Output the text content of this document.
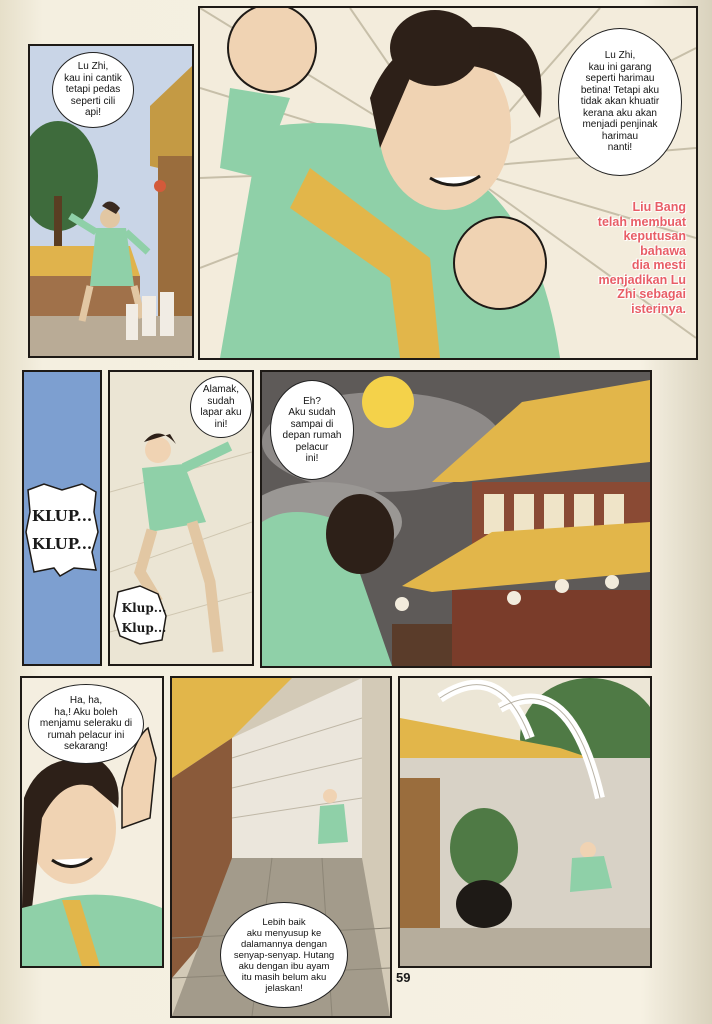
Lu Zhi,
kau ini cantik
tetapi pedas
seperti cili
api!
Lu Zhi,
kau ini garang
seperti harimau
betina! Tetapi aku
tidak akan khuatir
kerana aku akan
menjadi penjinak
harimau
nanti!
Liu Bang
telah membuat
keputusan
bahawa
dia mesti
menjadikan Lu
Zhi sebagai
isterinya.
KLUP...
KLUP...
Alamak,
sudah
lapar aku
ini!
Klup...
Klup...
Eh?
Aku sudah
sampai di
depan rumah
pelacur
ini!
Ha, ha,
ha,! Aku boleh
menjamu seleraku di
rumah pelacur ini
sekarang!
Lebih baik
aku menyusup ke
dalamannya dengan
senyap-senyap. Hutang
aku dengan ibu ayam
itu masih belum aku
jelaskan!
59
